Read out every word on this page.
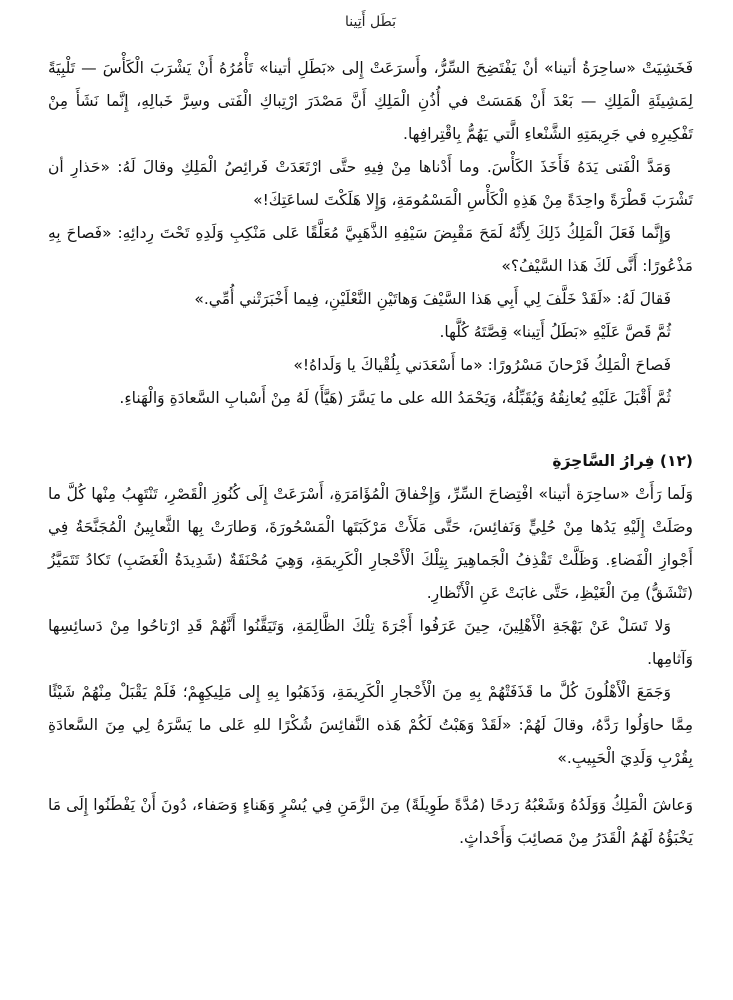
بَطَل أَتِينا

فَخَشِيَتْ «ساحِرَةُ أتينا» أنْ يَفْتَضِحَ السِّرُّ، وأَسرَعَتْ إِلى «بَطَلِ أتينا» تَأْمُرُهُ أَنْ يَشْرَبَ الْكَأْسَ — تَلْبِيَةً لِمَشِيئَةِ الْمَلِكِ — بَعْدَ أَنْ هَمَسَتْ في أُذُنِ الْمَلِكِ أَنَّ مَصْدَرَ ارْتِباكِ الْفَتى وسِرَّ خَبالِهِ، إِنَّما نَشَأَ مِنْ تَفْكِيرِهِ في جَرِيمَتِهِ الشَّنْعاءِ الَّتي يَهُمُّ بِاقْتِرافِها.

وَمَدَّ الْفَتى يَدَهُ فَأَخَذَ الكَأْسَ. وما أَدْناها مِنْ فِيهِ حتَّى ارْتَعَدَتْ فَرائِصُ الْمَلِكِ وقالَ لَهُ: «حَذارِ أن تَشْرَبَ قَطْرَةً واحِدَةً مِنْ هَذِهِ الْكَأْسِ الْمَسْمُومَةِ، وَإِلا هَلَكْتَ لساعَتِكَ!»

وَإِنَّما فَعَلَ الْمَلِكُ ذَلِكَ لِأَنَّهُ لَمَحَ مَقْبِضَ سَيْفِهِ الذَّهَبِيَّ مُعَلَّقًا عَلى مَنْكِبِ وَلَدِهِ تَحْتَ رِدائِهِ: «فَصاحَ بِهِ مَذْعُورًا: أَنَّى لَكَ هَذا السَّيْفُ؟»

فَقالَ لَهُ: «لَقَدْ خَلَّفَ لِي أَبِي هَذا السَّيْفَ وَهاتَيْنِ النَّعْلَيْنِ، فِيما أَخْبَرَتْني أُمِّي.»

ثُمَّ قَصَّ عَلَيْهِ «بَطَلُ أَتِينا» قِصَّتَهُ كُلَّها.

فَصاحَ الْمَلِكُ فَرْحانَ مَسْرُورًا: «ما أَسْعَدَني بِلُقْياكَ يا وَلَداهُ!»

ثُمَّ أَقْبَلَ عَلَيْهِ يُعانِقُهُ وَيُقَبِّلُهُ، وَيَحْمَدُ الله على ما يَسَّرَ (هَيَّأَ) لَهُ مِنْ أَسْبابِ السَّعادَةِ وَالْهَناءِ.

(١٢) فِرارُ السَّاحِرَةِ

وَلَما رَأَتْ «ساحِرَة أتينا» افْتِضاحَ السِّرِّ، وَإِخْفاقَ الْمُؤَامَرَةِ، أَسْرَعَتْ إِلَى كُنُوزِ الْقَصْرِ، تَنْتَهِبُ مِنْها كُلَّ ما وصَلَتْ إِلَيْهِ يَدُها مِنْ حُلِيٍّ وَنَفائِسَ، حَتَّى مَلَأَتْ مَرْكَبَتَها الْمَسْحُورَةَ، وَطارَتْ بِها الثَّعابِينُ الْمُجَنَّحَةُ فِي أَجْوازِ الْفَضاءِ. وَظَلَّتْ تَقْذِفُ الْجَماهِيرَ بِتِلْكَ الْأَحْجارِ الْكَرِيمَةِ، وَهِيَ مُحْنَقَةٌ (شَدِيدَةُ الْغَضَبِ) تَكادُ تَتَمَيَّزُ (تَنْشَقُّ) مِنَ الْغَيْظِ، حَتَّى غابَتْ عَنِ الْأَنْظارِ.

وَلا تَسَلْ عَنْ بَهْجَةِ الْأَهْلِينَ، حِينَ عَرَفُوا أَجْرَةَ تِلْكَ الظَّالِمَةِ، وَتَيَقَّنُوا أَنَّهُمْ قَدِ ارْتاحُوا مِنْ دَسائِسِها وَآثامِها.

وَجَمَعَ الْأَهْلُونَ كُلَّ ما قَذَفَتْهُمْ بِهِ مِنَ الْأَحْجارِ الْكَرِيمَةِ، وَذَهَبُوا بِهِ إِلى مَلِيكِهِمْ؛ فَلَمْ يَقْبَلْ مِنْهُمْ شَيْئًا مِمَّا حاوَلُوا رَدَّهُ، وقالَ لَهُمْ: «لَقَدْ وَهَبْتُ لَكُمْ هَذه النَّفائِسَ شُكْرًا للهِ عَلى ما يَسَّرَهُ لِي مِنَ السَّعادَةِ بِقُرْبِ وَلَدِيَ الْحَبِيبِ.»

وَعاشَ الْمَلِكُ وَوَلَدُهُ وَشَعْبُهُ رَدحًا (مُدَّةً طَوِيلَةً) مِنَ الزَّمَنِ فِي يُسْرٍ وَهَناءٍ وَصَفاء، دُونَ أَنْ يَفْطَنُوا إِلَى مَا يَخْبَؤُهُ لَهُمُ الْقَدَرُ مِنْ مَصائِبَ وَأَحْداثٍ.
